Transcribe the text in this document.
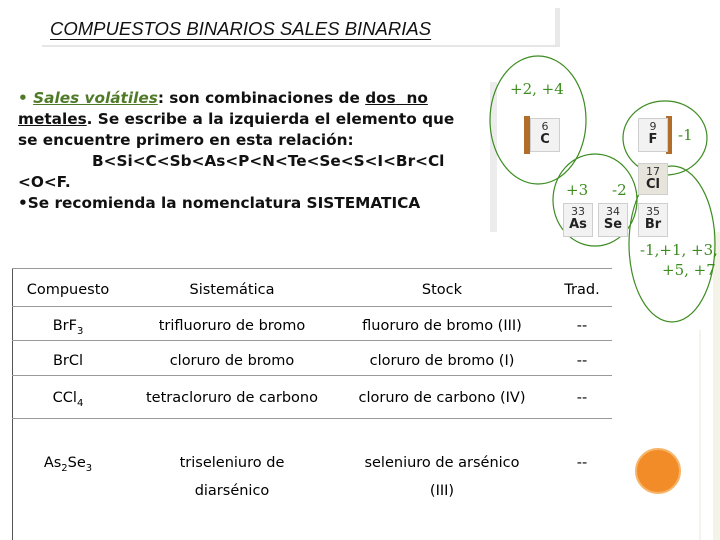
COMPUESTOS BINARIOS SALES BINARIAS
• Sales volátiles: son combinaciones de dos no
metales. Se escribe a la izquierda el elemento que
se encuentre primero en esta relación:
B<Si<C<Sb<As<P<N<Te<Se<S<I<Br<Cl
<O<F.
•Se recomienda la nomenclatura SISTEMATICA
+2, +4
-1
+3 -2
-1,+1, +3,
+5, +7
6
C
9
F
17
Cl
33
As
34
Se
35
Br
Compuesto	Sistemática	Stock	Trad.
BrF$_3$	trifluoruro de bromo	fluoruro de bromo (III)	--
BrCl	cloruro de bromo	cloruro de bromo (I)	--
CCl$_4$	tetracloruro de carbono	cloruro de carbono (IV)	--
$As_2Se_3$	triseleniuro de	seleniuro de arsénico	--
diarsénico	(III)
